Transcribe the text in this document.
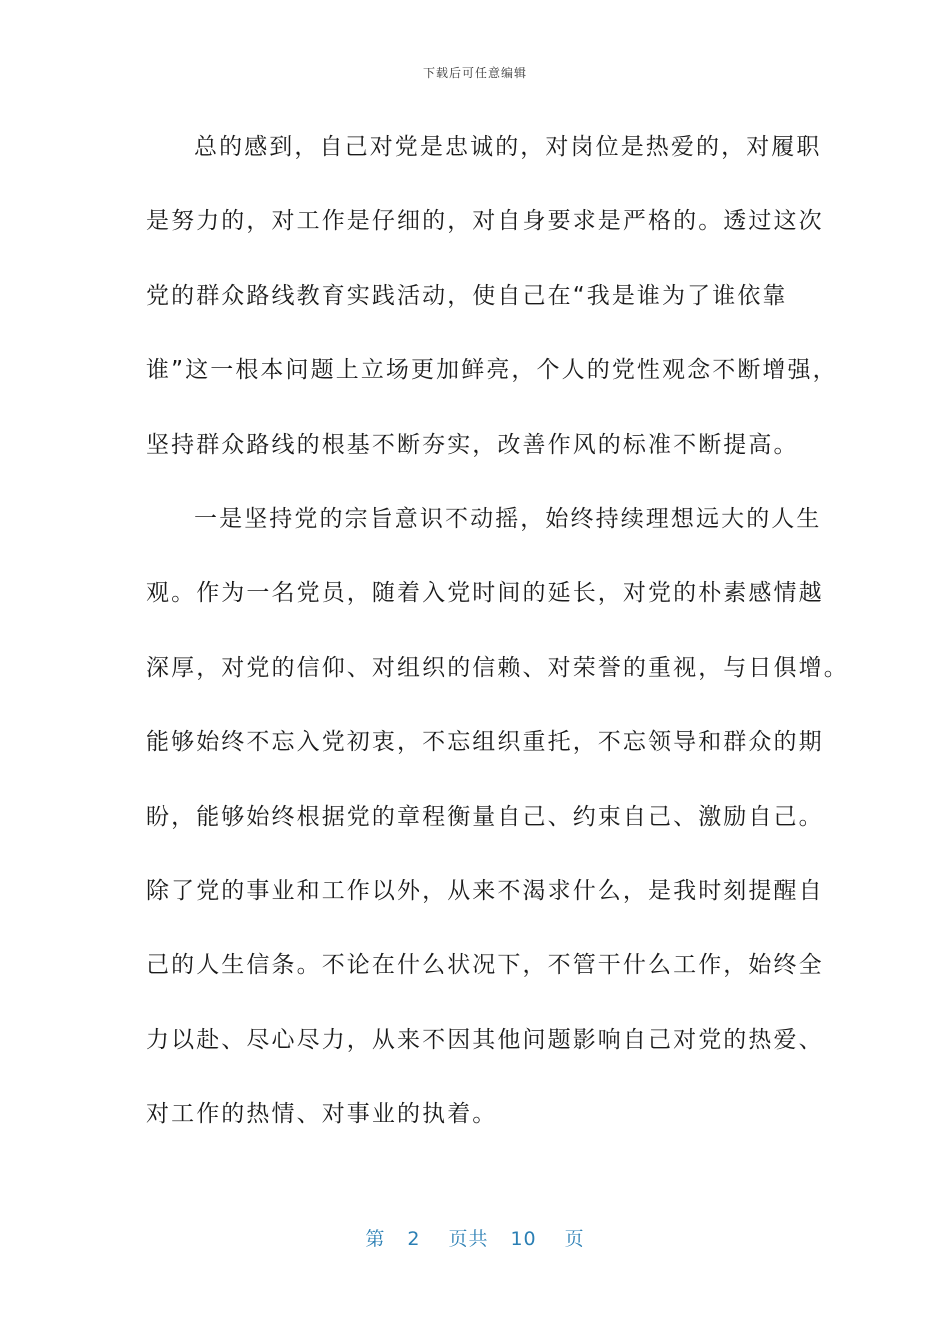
下载后可任意编辑
总的感到，自己对党是忠诚的，对岗位是热爱的，对履职
是努力的，对工作是仔细的，对自身要求是严格的。透过这次
党的群众路线教育实践活动，使自己在“我是谁为了谁依靠
谁”这一根本问题上立场更加鲜亮，个人的党性观念不断增强，
坚持群众路线的根基不断夯实，改善作风的标准不断提高。
一是坚持党的宗旨意识不动摇，始终持续理想远大的人生
观。作为一名党员，随着入党时间的延长，对党的朴素感情越
深厚，对党的信仰、对组织的信赖、对荣誉的重视，与日俱增。
能够始终不忘入党初衷，不忘组织重托，不忘领导和群众的期
盼，能够始终根据党的章程衡量自己、约束自己、激励自己。
除了党的事业和工作以外，从来不渴求什么，是我时刻提醒自
己的人生信条。不论在什么状况下，不管干什么工作，始终全
力以赴、尽心尽力，从来不因其他问题影响自己对党的热爱、
对工作的热情、对事业的执着。
第 2 页共 10 页
